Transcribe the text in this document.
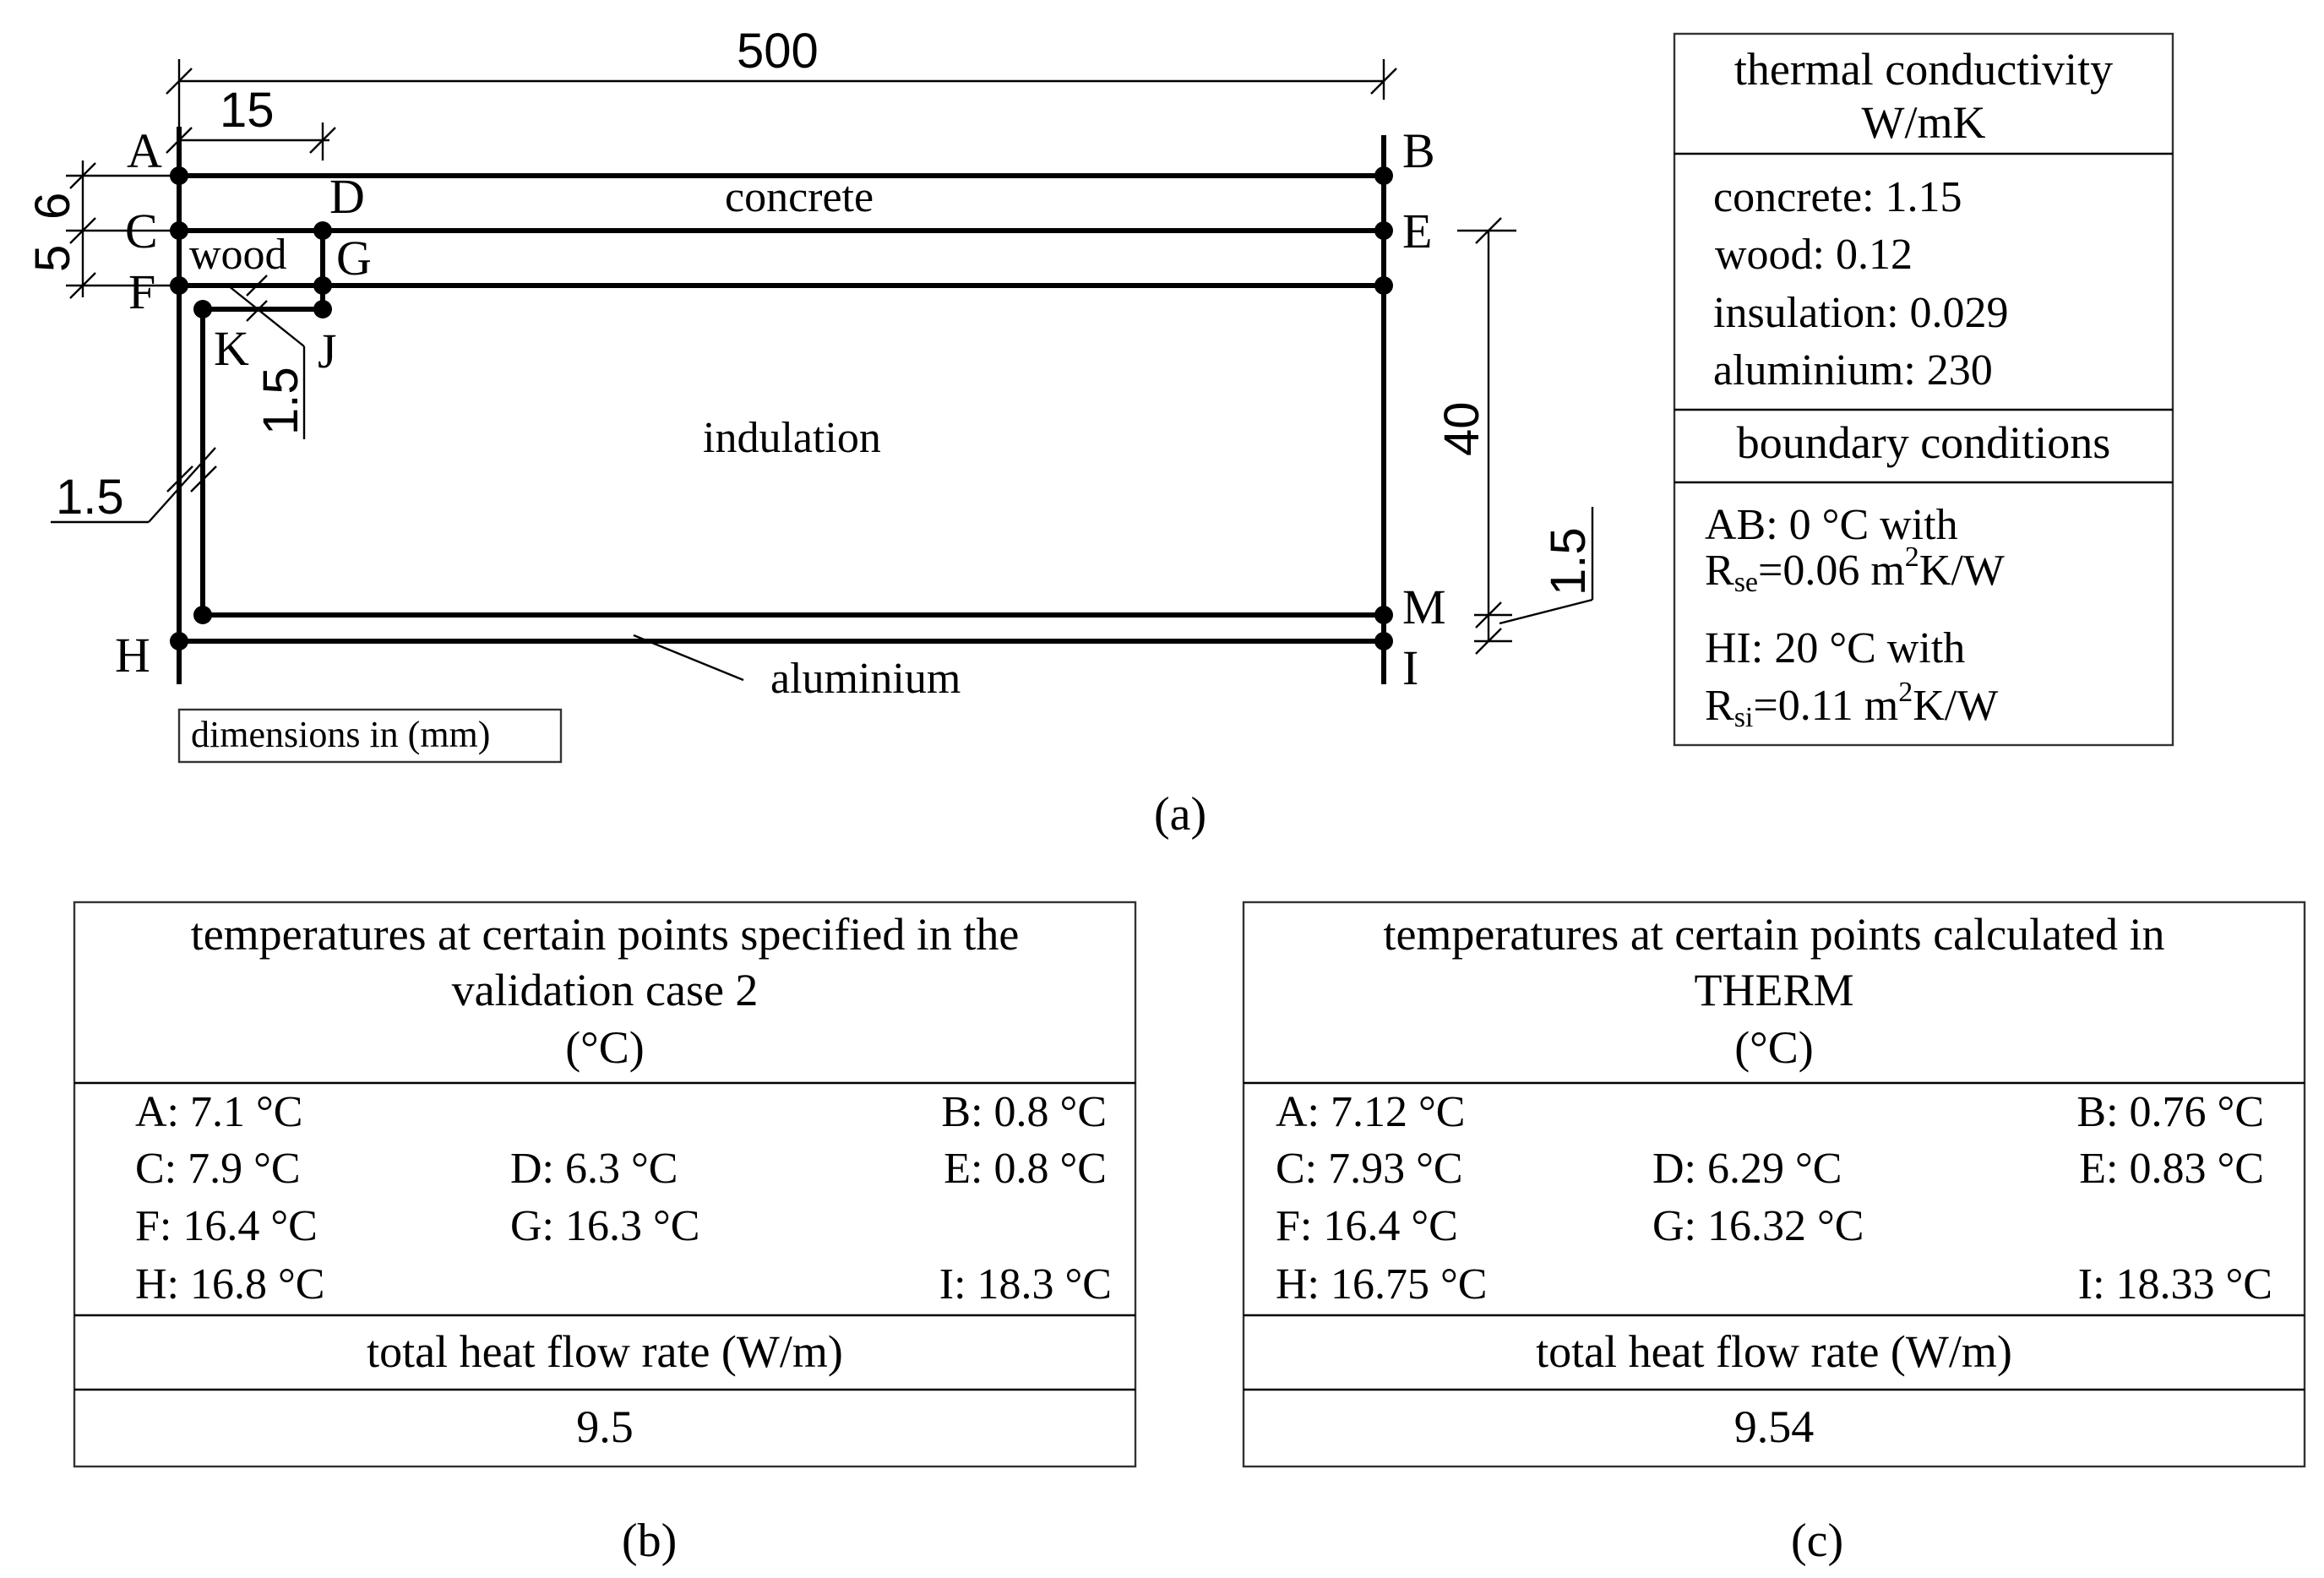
A	B
C
D
E
F
G
K J
M
H	I
concrete
wood
indulation
aluminium
500
15
5
6
1.5
1.5
40
1.5
dimensions in (mm)
(a)
thermal conductivity
W/mK
concrete: 1.15
wood: 0.12
insulation: 0.029
aluminium: 230
boundary conditions
AB: 0 °C with
Rse=0.06 $m^2K/W$
HI: 20 °C with
Rsi=0.11 $m^2K/W$
temperatures at certain points specified in the
validation case 2
(°C)
A: 7.1 °C
C: 7.9 °C
F: 16.4 °C
H: 16.8 °C
D: 6.3 °C
G: 16.3 °C
B: 0.8 °C
E: 0.8 °C
I: 18.3 °C
total heat flow rate (W/m)
9.5
(b)
temperatures at certain points calculated in
THERM
(°C)
A: 7.12 °C
C: 7.93 °C
F: 16.4 °C
H: 16.75 °C
D: 6.29 °C
G: 16.32 °C
B: 0.76 °C
E: 0.83 °C
I: 18.33 °C
total heat flow rate (W/m)
9.54
(c)
